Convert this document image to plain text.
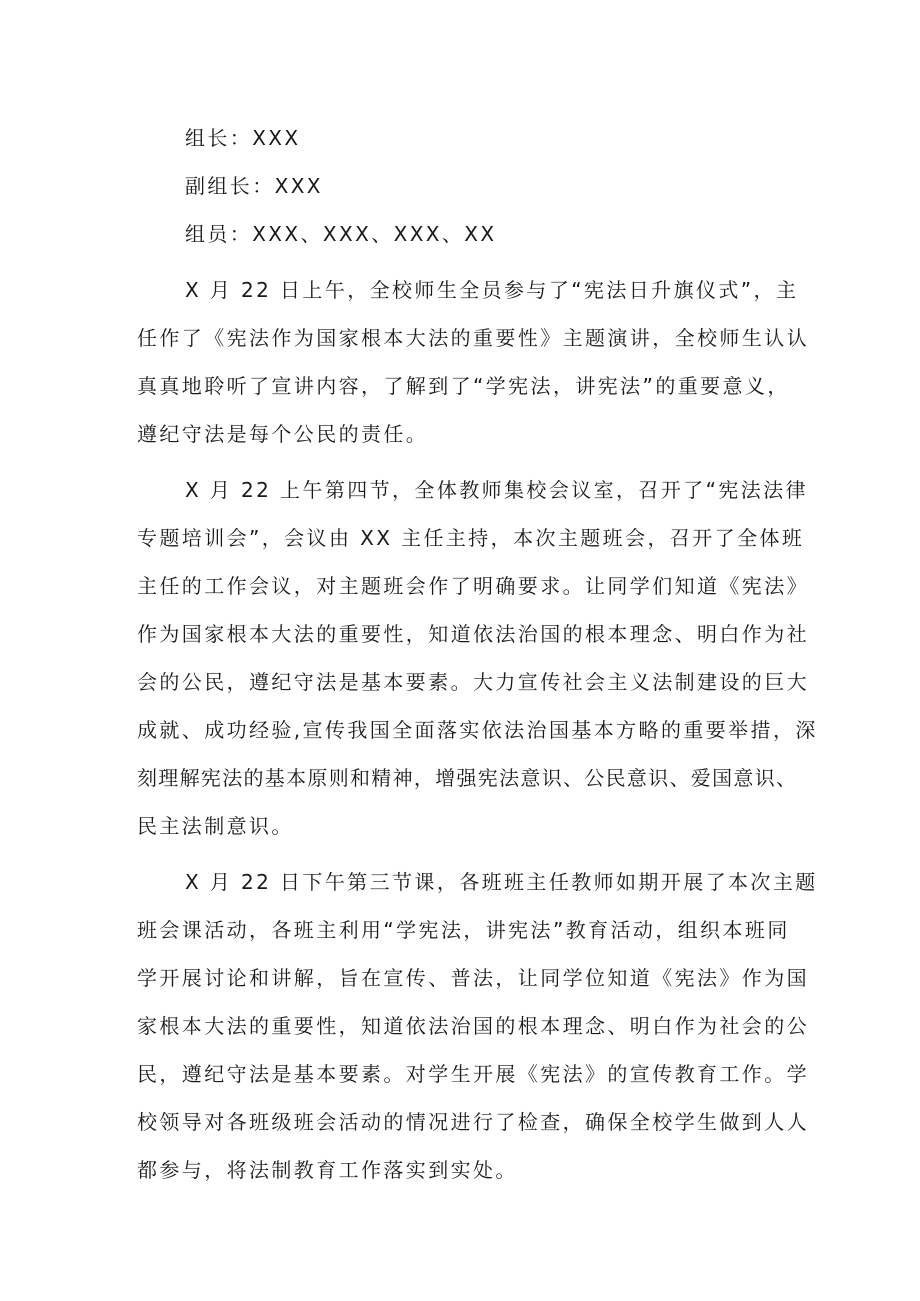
组长：XXX
副组长：XXX
组员：XXX、XXX、XXX、XX
X 月 22 日上午，全校师生全员参与了“宪法日升旗仪式”，主
任作了《宪法作为国家根本大法的重要性》主题演讲，全校师生认认
真真地聆听了宣讲内容，了解到了“学宪法，讲宪法”的重要意义，
遵纪守法是每个公民的责任。
X 月 22 上午第四节，全体教师集校会议室，召开了“宪法法律
专题培训会”，会议由 XX 主任主持，本次主题班会，召开了全体班
主任的工作会议，对主题班会作了明确要求。让同学们知道《宪法》
作为国家根本大法的重要性，知道依法治国的根本理念、明白作为社
会的公民，遵纪守法是基本要素。大力宣传社会主义法制建设的巨大
成就、成功经验,宣传我国全面落实依法治国基本方略的重要举措，深
刻理解宪法的基本原则和精神，增强宪法意识、公民意识、爱国意识、
民主法制意识。
X 月 22 日下午第三节课，各班班主任教师如期开展了本次主题
班会课活动，各班主利用“学宪法，讲宪法”教育活动，组织本班同
学开展讨论和讲解，旨在宣传、普法，让同学位知道《宪法》作为国
家根本大法的重要性，知道依法治国的根本理念、明白作为社会的公
民，遵纪守法是基本要素。对学生开展《宪法》的宣传教育工作。学
校领导对各班级班会活动的情况进行了检查，确保全校学生做到人人
都参与，将法制教育工作落实到实处。
